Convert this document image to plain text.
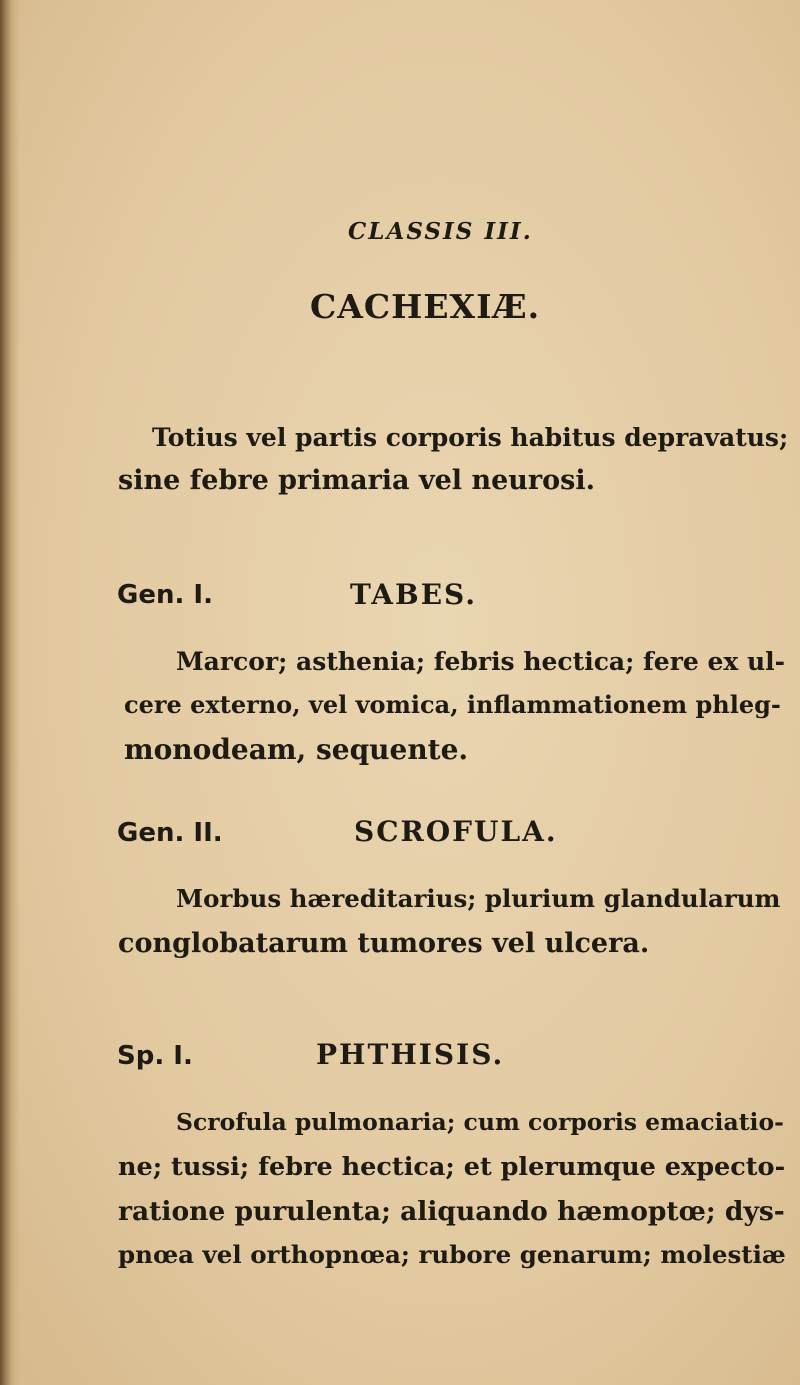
CLASSIS III.
CACHEXIÆ.
Totius vel partis corporis habitus depravatus;
sine febre primaria vel neurosi.
Gen. I.	TABES.
Marcor; asthenia; febris hectica; fere ex ul-
cere externo, vel vomica, inflammationem phleg-
monodeam, sequente.
Gen. II.	SCROFULA.
Morbus hæreditarius; plurium glandularum
conglobatarum tumores vel ulcera.
Sp. I.	PHTHISIS.
Scrofula pulmonaria; cum corporis emaciatio-
ne; tussi; febre hectica; et plerumque expecto-
ratione purulenta; aliquando hæmoptœ; dys-
pnœa vel orthopnœa; rubore genarum; molestiæ
